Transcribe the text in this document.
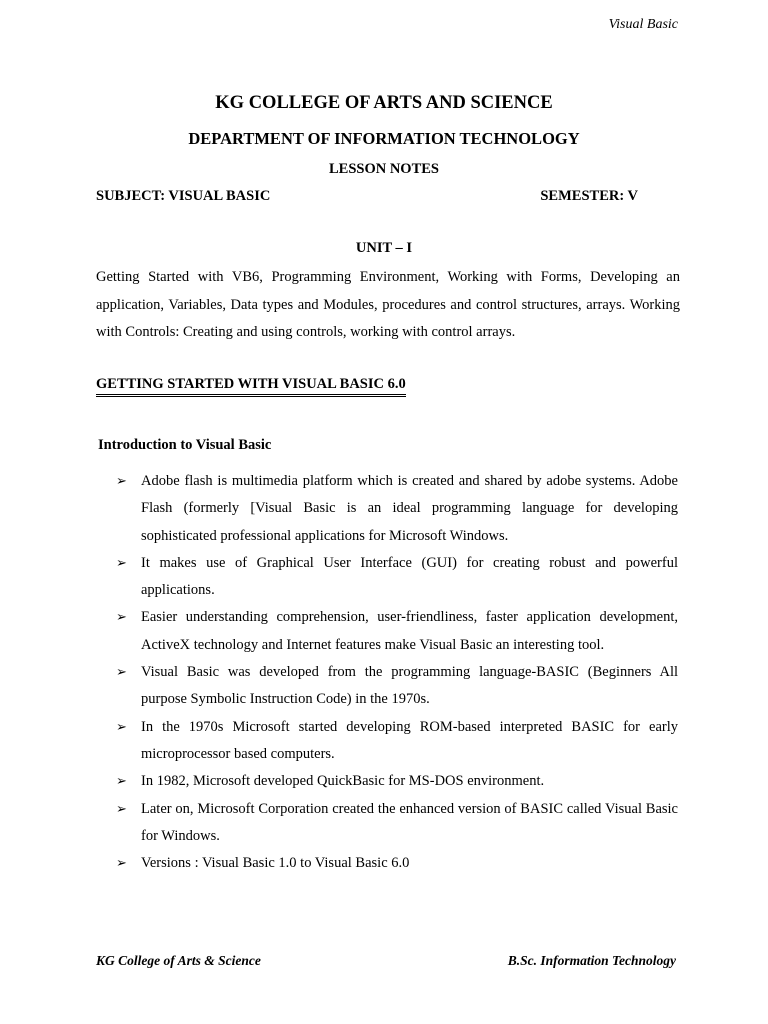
Visual Basic
KG COLLEGE OF ARTS AND SCIENCE
DEPARTMENT OF INFORMATION TECHNOLOGY
LESSON NOTES
SUBJECT: VISUAL BASIC	SEMESTER: V
UNIT – I
Getting Started with VB6, Programming Environment, Working with Forms, Developing an application, Variables, Data types and Modules, procedures and control structures, arrays. Working with Controls: Creating and using controls, working with control arrays.
GETTING STARTED WITH VISUAL BASIC 6.0
Introduction to Visual Basic
➢ Adobe flash is multimedia platform which is created and shared by adobe systems. Adobe Flash (formerly [Visual Basic is an ideal programming language for developing sophisticated professional applications for Microsoft Windows.
➢ It makes use of Graphical User Interface (GUI) for creating robust and powerful applications.
➢ Easier understanding comprehension, user-friendliness, faster application development, ActiveX technology and Internet features make Visual Basic an interesting tool.
➢ Visual Basic was developed from the programming language-BASIC (Beginners All purpose Symbolic Instruction Code) in the 1970s.
➢ In the 1970s Microsoft started developing ROM-based interpreted BASIC for early microprocessor based computers.
➢ In 1982, Microsoft developed QuickBasic for MS-DOS environment.
➢ Later on, Microsoft Corporation created the enhanced version of BASIC called Visual Basic for Windows.
➢ Versions : Visual Basic 1.0 to Visual Basic 6.0
KG College of Arts & Science	B.Sc. Information Technology
